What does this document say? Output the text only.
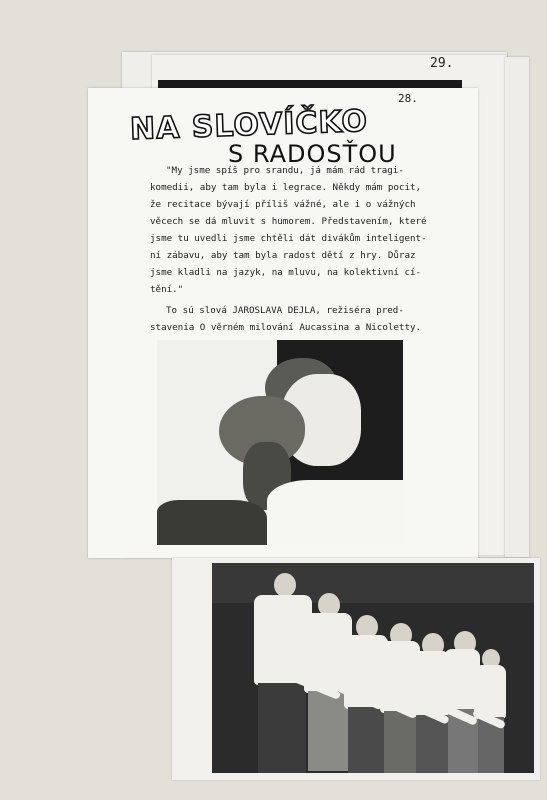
29.
28.
NA SLOVÍČKO
S RADOSŤOU

"My jsme spíš pro srandu, já mám rád tragi-
komedii, aby tam byla i legrace. Někdy mám pocit,
že recitace bývají příliš vážné, ale i o vážných
věcech se dá mluvit s humorem. Představením, které
jsme tu uvedli jsme chtěli dát divákům inteligent-
ní zábavu, aby tam byla radost dětí z hry. Důraz
jsme kladli na jazyk, na mluvu, na kolektivní cí-
tění."

To sú slová JAROSLAVA DEJLA, režiséra pred-
stavenia O věrném milování Aucassina a Nicoletty.
